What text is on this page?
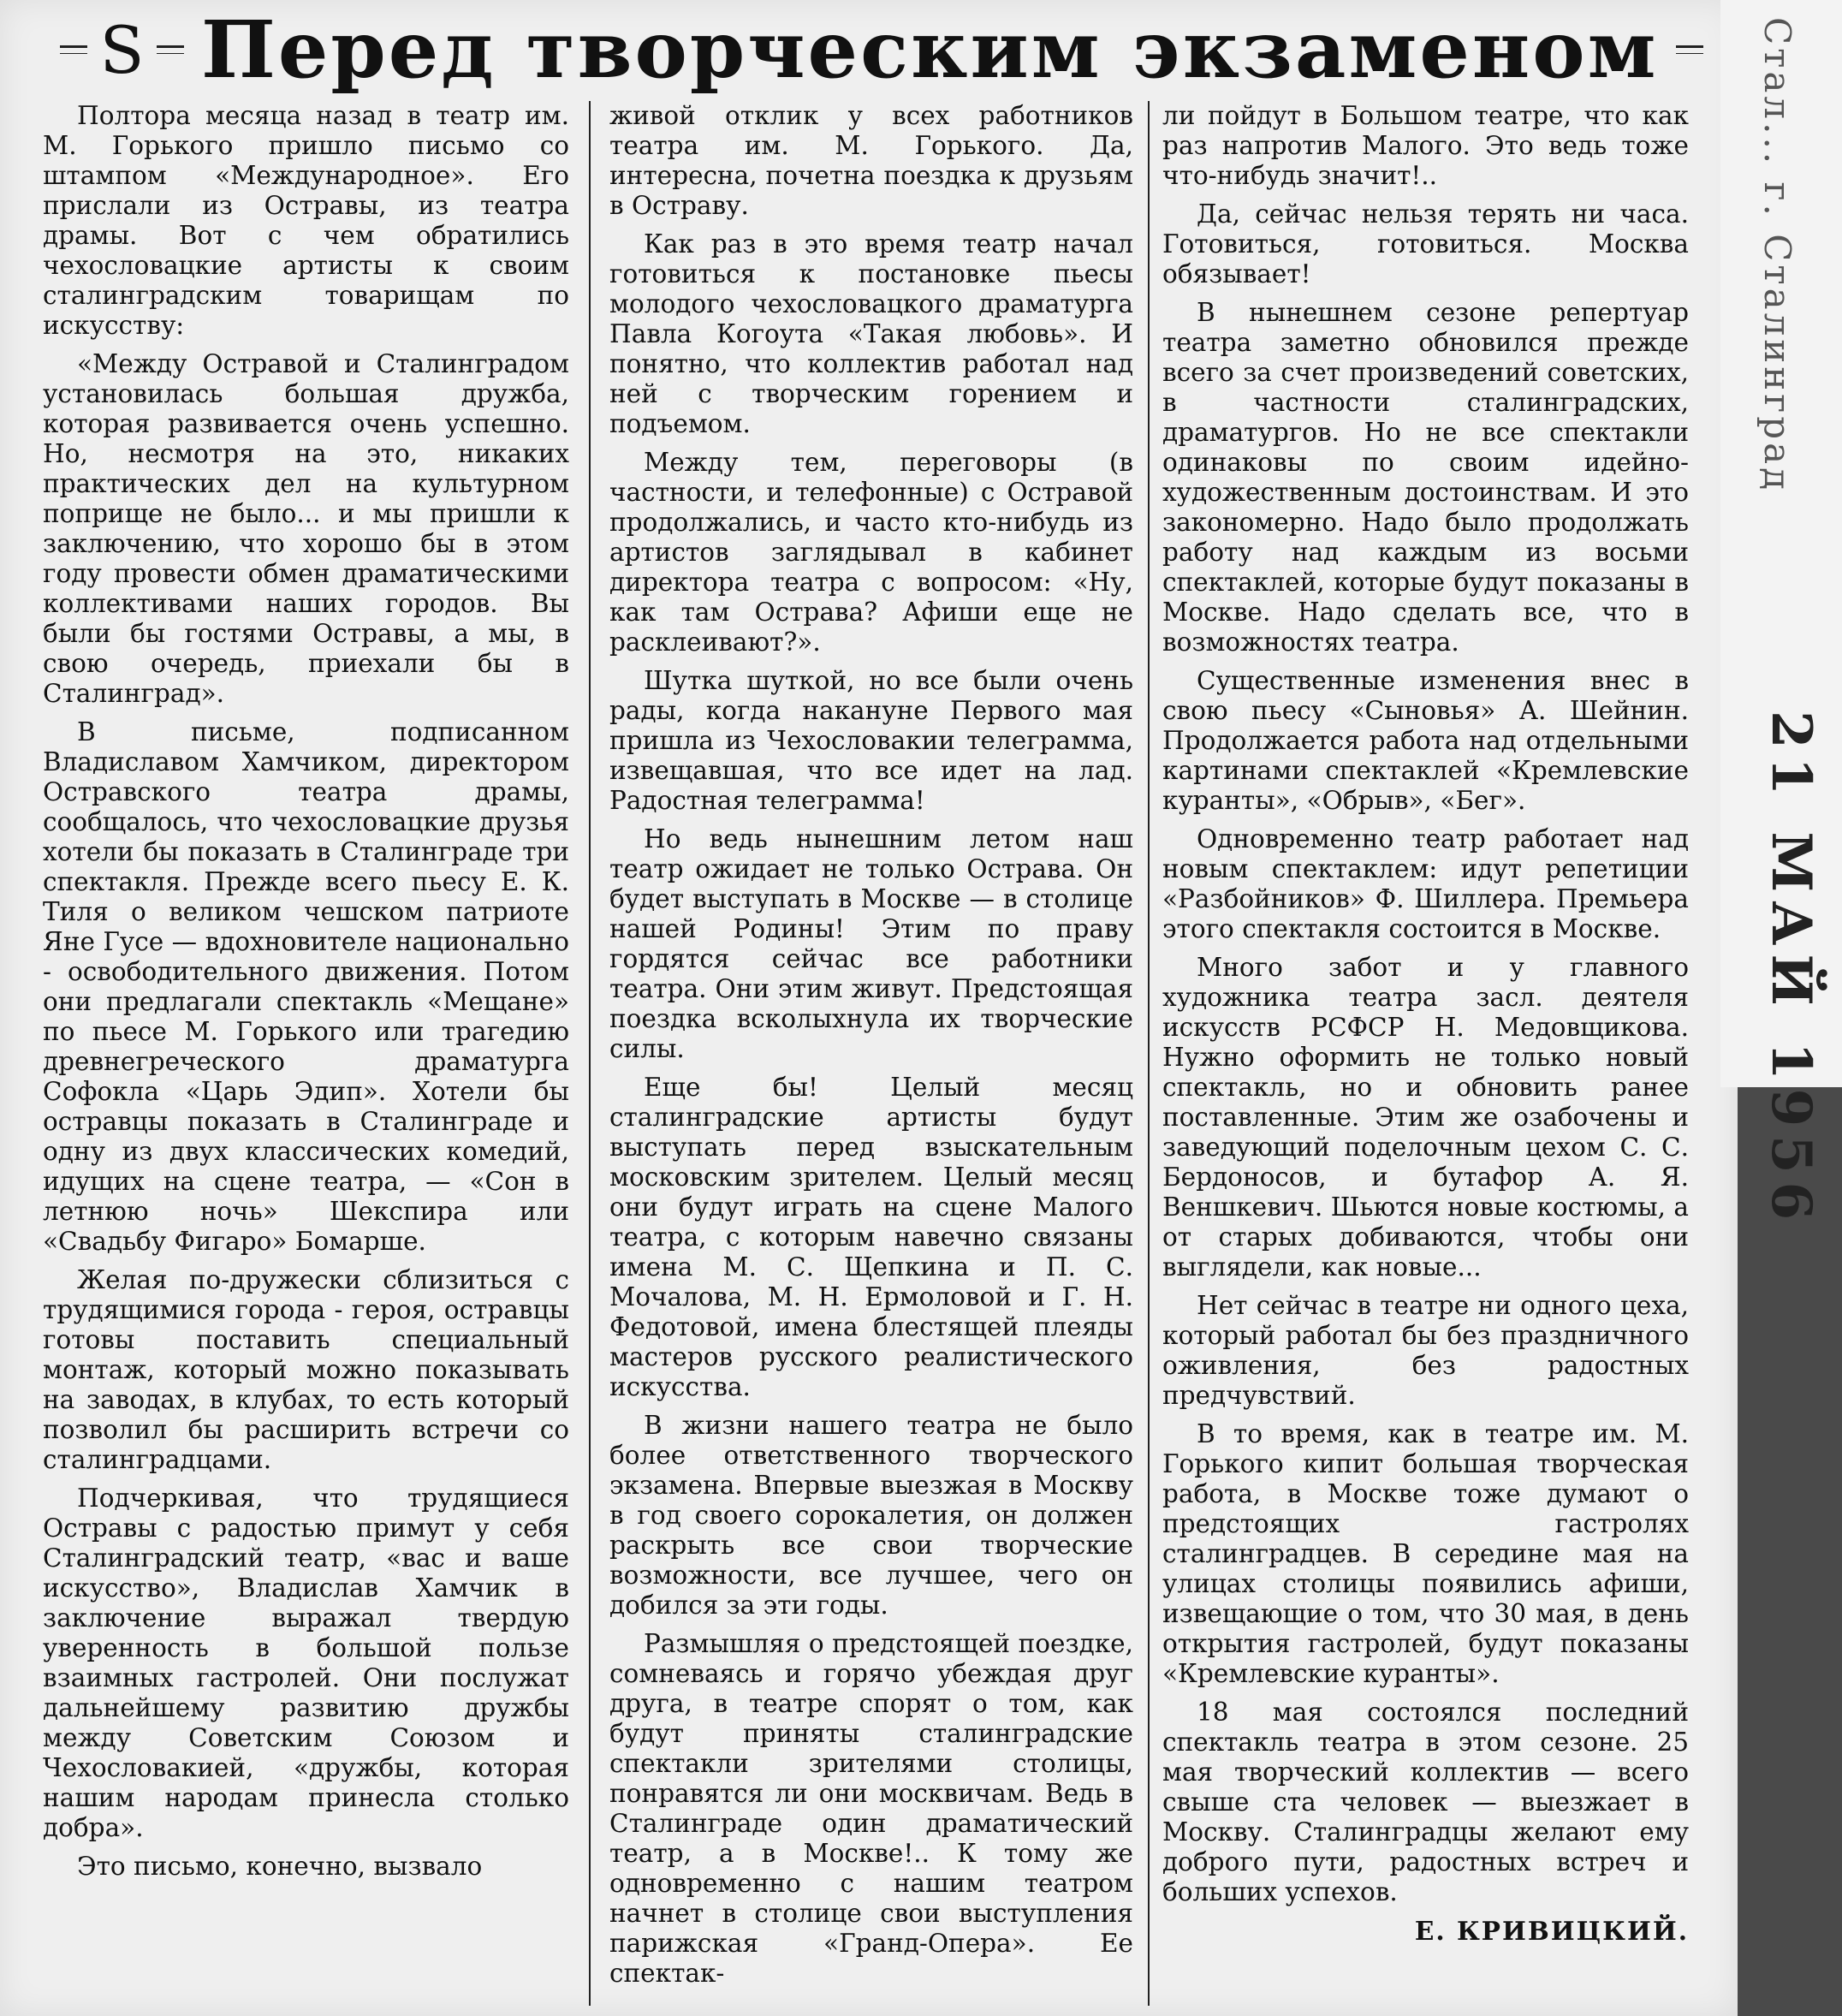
S Перед творческим экзаменом	Стал... г. Сталинград
21 МАЙ 1956

Полтора месяца назад в театр им. М. Горького пришло письмо со штампом «Международное». Его прислали из Остравы, из театра драмы. Вот с чем обратились чехословацкие артисты к своим сталинградским товарищам по искусству:

«Между Остравой и Сталинградом установилась большая дружба, которая развивается очень успешно. Но, несмотря на это, никаких практических дел на культурном поприще не было... и мы пришли к заключению, что хорошо бы в этом году провести обмен драматическими коллективами наших городов. Вы были бы гостями Остравы, а мы, в свою очередь, приехали бы в Сталинград».

В письме, подписанном Владиславом Хамчиком, директором Остравского театра драмы, сообщалось, что чехословацкие друзья хотели бы показать в Сталинграде три спектакля. Прежде всего пьесу Е. К. Тиля о великом чешском патриоте Яне Гусе — вдохновителе национально - освободительного движения. Потом они предлагали спектакль «Мещане» по пьесе М. Горького или трагедию древнегреческого драматурга Софокла «Царь Эдип». Хотели бы остравцы показать в Сталинграде и одну из двух классических комедий, идущих на сцене театра, — «Сон в летнюю ночь» Шекспира или «Свадьбу Фигаро» Бомарше.

Желая по-дружески сблизиться с трудящимися города - героя, остравцы готовы поставить специальный монтаж, который можно показывать на заводах, в клубах, то есть который позволил бы расширить встречи со сталинградцами.

Подчеркивая, что трудящиеся Остравы с радостью примут у себя Сталинградский театр, «вас и ваше искусство», Владислав Хамчик в заключение выражал твердую уверенность в большой пользе взаимных гастролей. Они послужат дальнейшему развитию дружбы между Советским Союзом и Чехословакией, «дружбы, которая нашим народам принесла столько добра».

Это письмо, конечно, вызвало

живой отклик у всех работников театра им. М. Горького. Да, интересна, почетна поездка к друзьям в Остраву.

Как раз в это время театр начал готовиться к постановке пьесы молодого чехословацкого драматурга Павла Когоута «Такая любовь». И понятно, что коллектив работал над ней с творческим горением и подъемом.

Между тем, переговоры (в частности, и телефонные) с Остравой продолжались, и часто кто-нибудь из артистов заглядывал в кабинет директора театра с вопросом: «Ну, как там Острава? Афиши еще не расклеивают?».

Шутка шуткой, но все были очень рады, когда накануне Первого мая пришла из Чехословакии телеграмма, извещавшая, что все идет на лад. Радостная телеграмма!

Но ведь нынешним летом наш театр ожидает не только Острава. Он будет выступать в Москве — в столице нашей Родины! Этим по праву гордятся сейчас все работники театра. Они этим живут. Предстоящая поездка всколыхнула их творческие силы.

Еще бы! Целый месяц сталинградские артисты будут выступать перед взыскательным московским зрителем. Целый месяц они будут играть на сцене Малого театра, с которым навечно связаны имена М. С. Щепкина и П. С. Мочалова, М. Н. Ермоловой и Г. Н. Федотовой, имена блестящей плеяды мастеров русского реалистического искусства.

В жизни нашего театра не было более ответственного творческого экзамена. Впервые выезжая в Москву в год своего сорокалетия, он должен раскрыть все свои творческие возможности, все лучшее, чего он добился за эти годы.

Размышляя о предстоящей поездке, сомневаясь и горячо убеждая друг друга, в театре спорят о том, как будут приняты сталинградские спектакли зрителями столицы, понравятся ли они москвичам. Ведь в Сталинграде один драматический театр, а в Москве!.. К тому же одновременно с нашим театром начнет в столице свои выступления парижская «Гранд-Опера». Ее спектак-

ли пойдут в Большом театре, что как раз напротив Малого. Это ведь тоже что-нибудь значит!..

Да, сейчас нельзя терять ни часа. Готовиться, готовиться. Москва обязывает!

В нынешнем сезоне репертуар театра заметно обновился прежде всего за счет произведений советских, в частности сталинградских, драматургов. Но не все спектакли одинаковы по своим идейно-художественным достоинствам. И это закономерно. Надо было продолжать работу над каждым из восьми спектаклей, которые будут показаны в Москве. Надо сделать все, что в возможностях театра.

Существенные изменения внес в свою пьесу «Сыновья» А. Шейнин. Продолжается работа над отдельными картинами спектаклей «Кремлевские куранты», «Обрыв», «Бег».

Одновременно театр работает над новым спектаклем: идут репетиции «Разбойников» Ф. Шиллера. Премьера этого спектакля состоится в Москве.

Много забот и у главного художника театра засл. деятеля искусств РСФСР Н. Медовщикова. Нужно оформить не только новый спектакль, но и обновить ранее поставленные. Этим же озабочены и заведующий поделочным цехом С. С. Бердоносов, и бутафор А. Я. Веншкевич. Шьются новые костюмы, а от старых добиваются, чтобы они выглядели, как новые...

Нет сейчас в театре ни одного цеха, который работал бы без праздничного оживления, без радостных предчувствий.

В то время, как в театре им. М. Горького кипит большая творческая работа, в Москве тоже думают о предстоящих гастролях сталинградцев. В середине мая на улицах столицы появились афиши, извещающие о том, что 30 мая, в день открытия гастролей, будут показаны «Кремлевские куранты».

18 мая состоялся последний спектакль театра в этом сезоне. 25 мая творческий коллектив — всего свыше ста человек — выезжает в Москву. Сталинградцы желают ему доброго пути, радостных встреч и больших успехов.

Е. КРИВИЦКИЙ.
